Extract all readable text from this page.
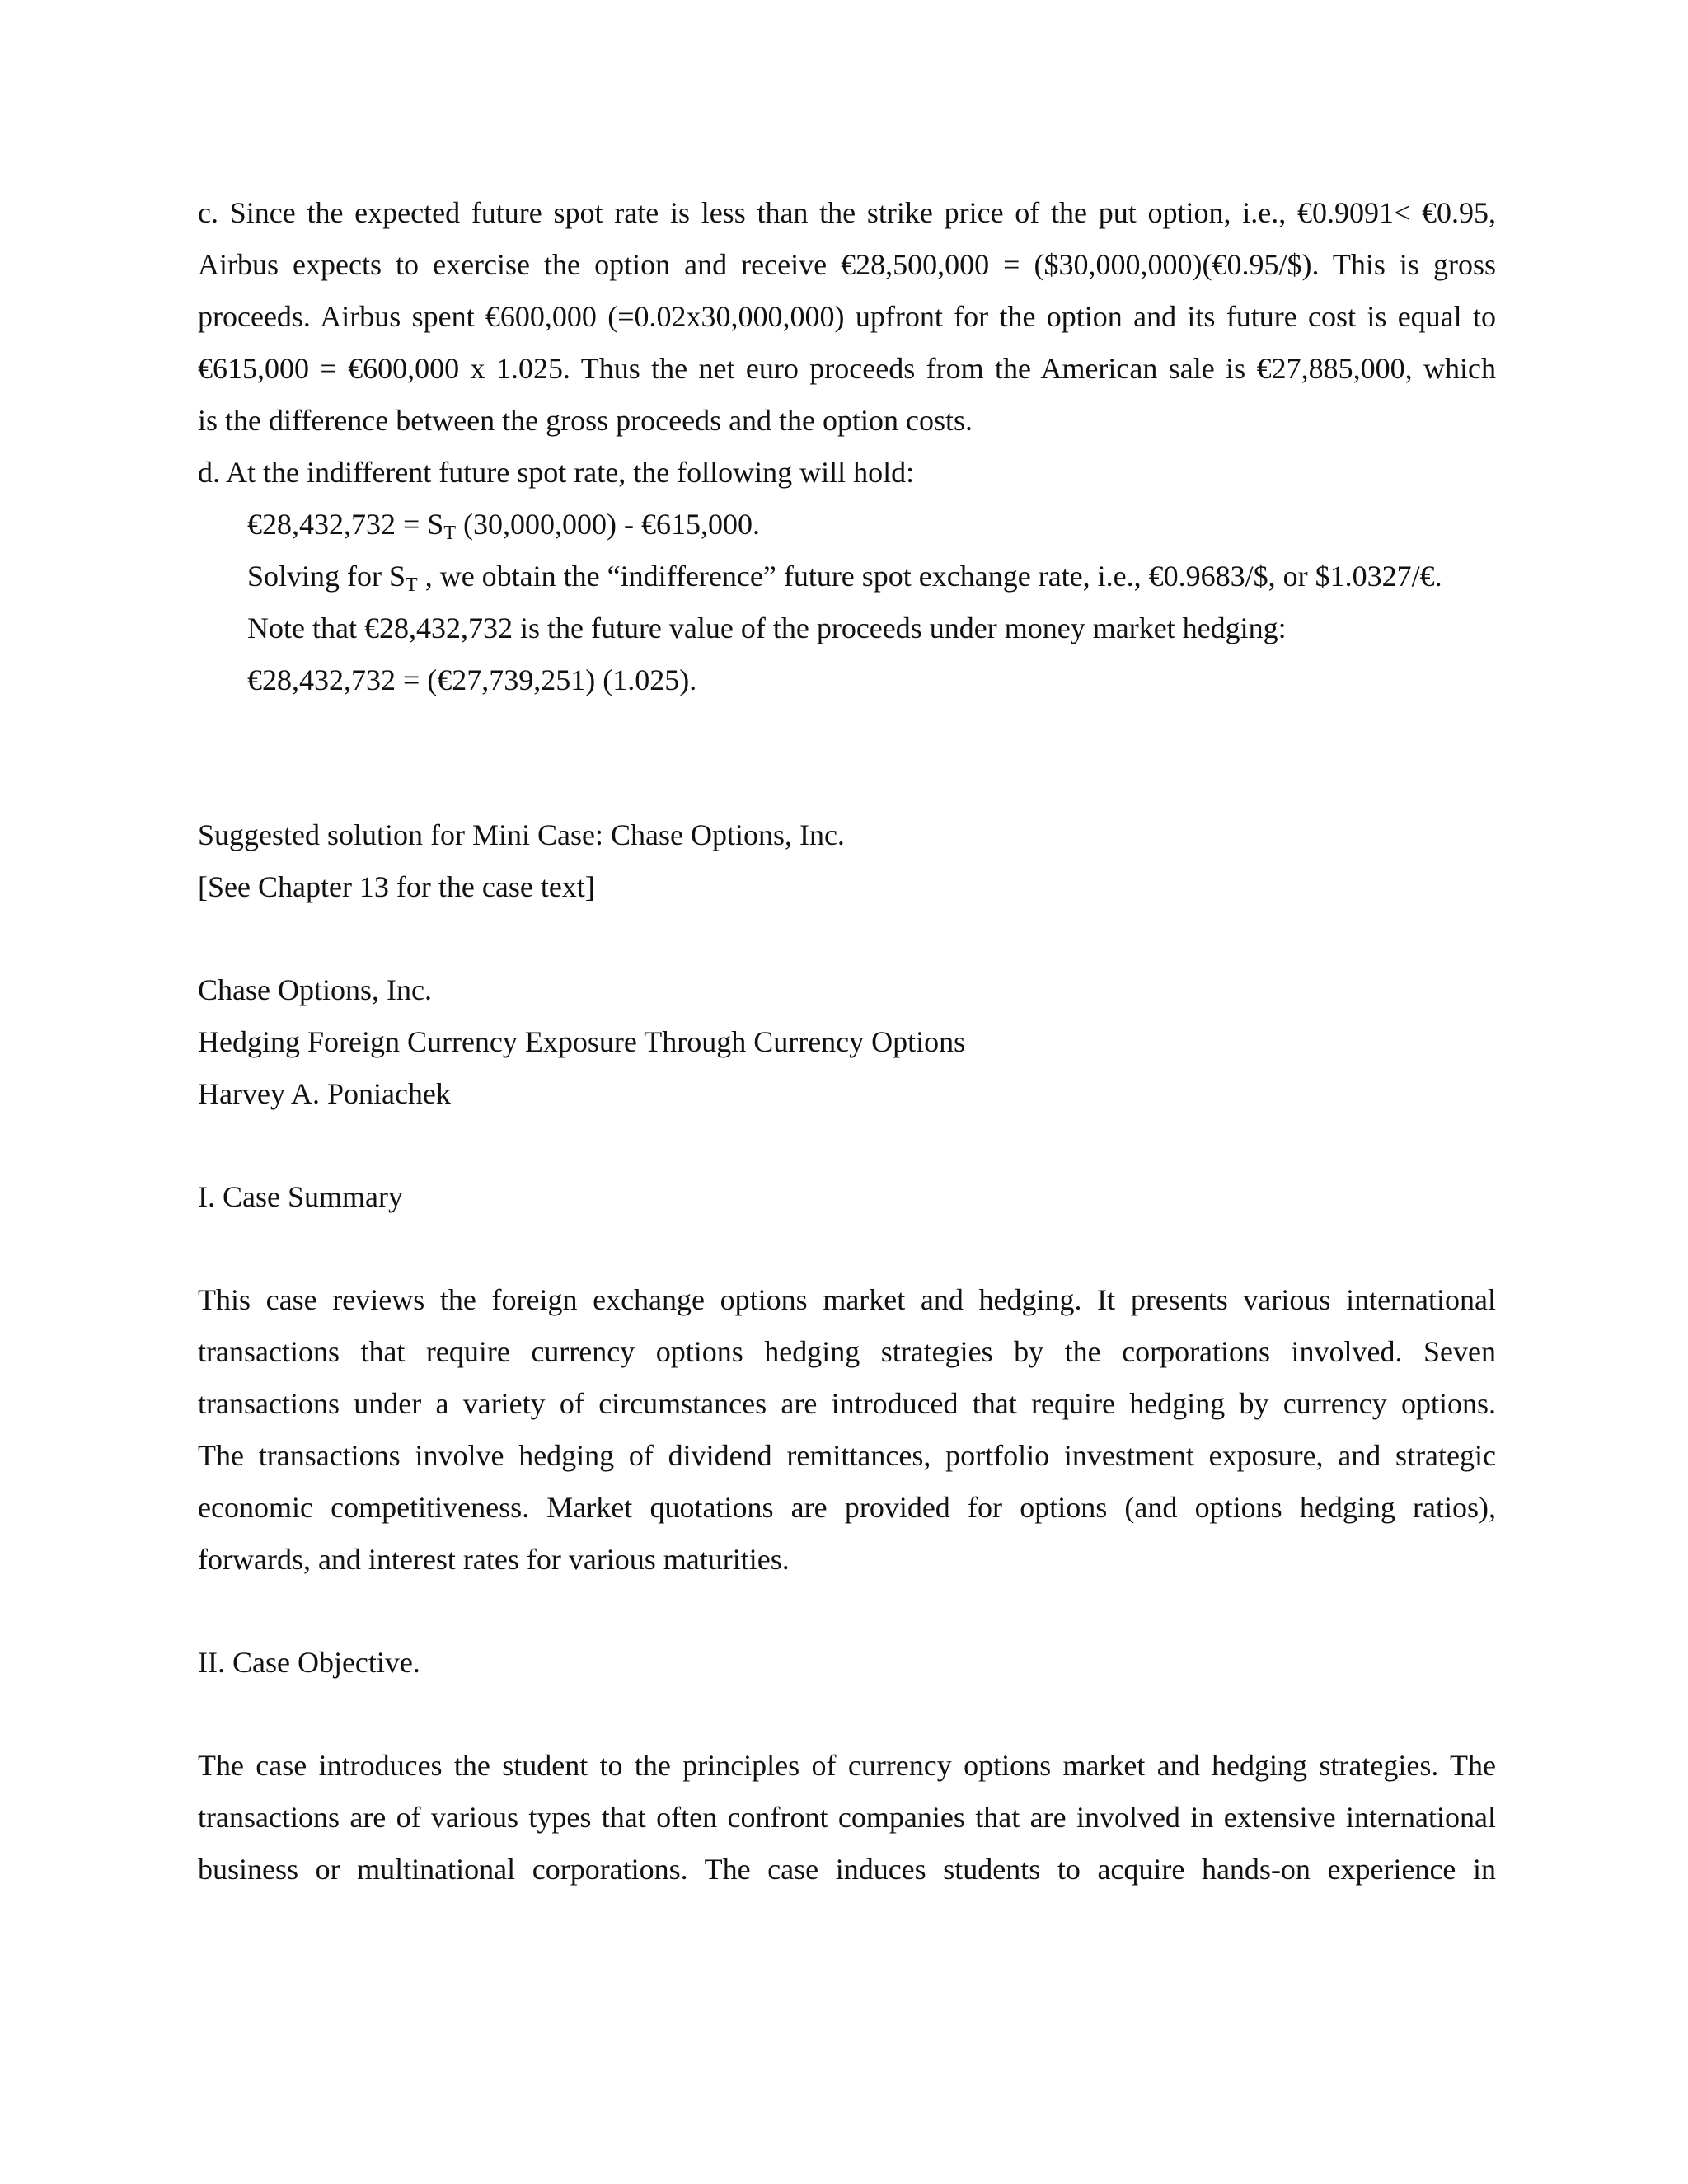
c. Since the expected future spot rate is less than the strike price of the put option, i.e., €0.9091< €0.95,
Airbus expects to exercise the option and receive €28,500,000 = ($30,000,000)(€0.95/$). This is gross
proceeds. Airbus spent €600,000 (=0.02x30,000,000) upfront for the option and its future cost is equal to
€615,000 = €600,000 x 1.025. Thus the net euro proceeds from the American sale is €27,885,000, which
is the difference between the gross proceeds and the option costs.
d. At the indifferent future spot rate, the following will hold:
€28,432,732 = $S_T$ (30,000,000) - €615,000.
Solving for $S_T$ , we obtain the “indifference” future spot exchange rate, i.e., €0.9683/$, or $1.0327/€.
Note that €28,432,732 is the future value of the proceeds under money market hedging:
€28,432,732 = (€27,739,251) (1.025).
Suggested solution for Mini Case: Chase Options, Inc.
[See Chapter 13 for the case text]
Chase Options, Inc.
Hedging Foreign Currency Exposure Through Currency Options
Harvey A. Poniachek
I. Case Summary
This case reviews the foreign exchange options market and hedging. It presents various international
transactions that require currency options hedging strategies by the corporations involved. Seven
transactions under a variety of circumstances are introduced that require hedging by currency options.
The transactions involve hedging of dividend remittances, portfolio investment exposure, and strategic
economic competitiveness. Market quotations are provided for options (and options hedging ratios),
forwards, and interest rates for various maturities.
II. Case Objective.
The case introduces the student to the principles of currency options market and hedging strategies. The
transactions are of various types that often confront companies that are involved in extensive international
business or multinational corporations. The case induces students to acquire hands-on experience in
